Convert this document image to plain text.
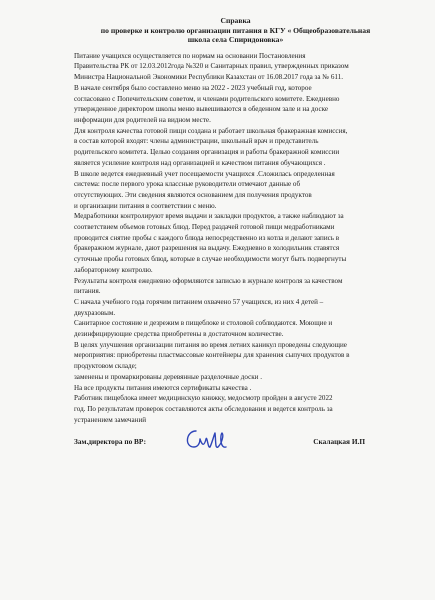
Справка
по проверке и контролю организации питания в КГУ « Общеобразовательная
школа села Спиридоновка»
Питание учащихся осуществляется по нормам на основании Постановления
Правительства РК от 12.03.2012года №320 и Санитарных правил, утвержденных приказом
Министра Национальной Экономики Республики Казахстан от 16.08.2017 года за № 611.
В начале сентября было составлено меню на 2022 - 2023 учебный год, которое
согласовано с Попечительским советом, и членами родительского комитете. Ежедневно
утвержденное директором школы меню вывешиваются в обеденном зале и на доске
информации для родителей на видном месте.
Для контроля качества готовой пищи создана и работает школьная бракеражная комиссия,
в состав которой входят: члены администрации, школьный врач и представитель
родительского комитета. Целью создания организация и работы бракеражной комиссии
является усиление контроля над организацией и качеством питания обучающихся .
В школе ведется ежедневный учет посещаемости учащихся .Сложилась определенная
система: после первого урока классные руководители отмечают данные об
отсутствующих. Эти сведения являются основанием для получения продуктов
и организации питания в соответствии с меню.
Медработники контролируют время выдачи и закладки продуктов, а также наблюдают за
соответствием объемов готовых блюд. Перед раздачей готовой пищи медработниками
проводится снятие пробы с каждого блюда непосредственно из котла и делают запись в
бракеражном журнале, дают разрешения на выдачу. Ежедневно в холодильник ставятся
суточные пробы готовых блюд, которые в случае необходимости могут быть подвергнуты
лабораторному контролю.
Результаты контроля ежедневно оформляются записью в журнале контроля за качеством
питания.
С начала учебного года горячим питанием охвачено 57 учащихся, из них 4 детей –
двухразовым.
Санитарное состояние и дезрежим в пищеблоке и столовой соблюдаются. Моющие и
дезинфицирующие средства приобретены в достаточном количестве.
В целях улучшения организации питания во время летних каникул проведены следующие
мероприятия: приобретены пластмассовые контейнеры для хранения сыпучих продуктов в
продуктовом складе;
заменены и промаркированы деревянные разделочные доски .
На все продукты питания имеются сертификаты качества .
Работник пищеблока имеет медицинскую книжку, медосмотр пройден в августе 2022
год. По результатам проверок составляются акты обследования и ведется контроль за
устранением замечаний
Зам.директора по ВР:	Скалацкая И.П
